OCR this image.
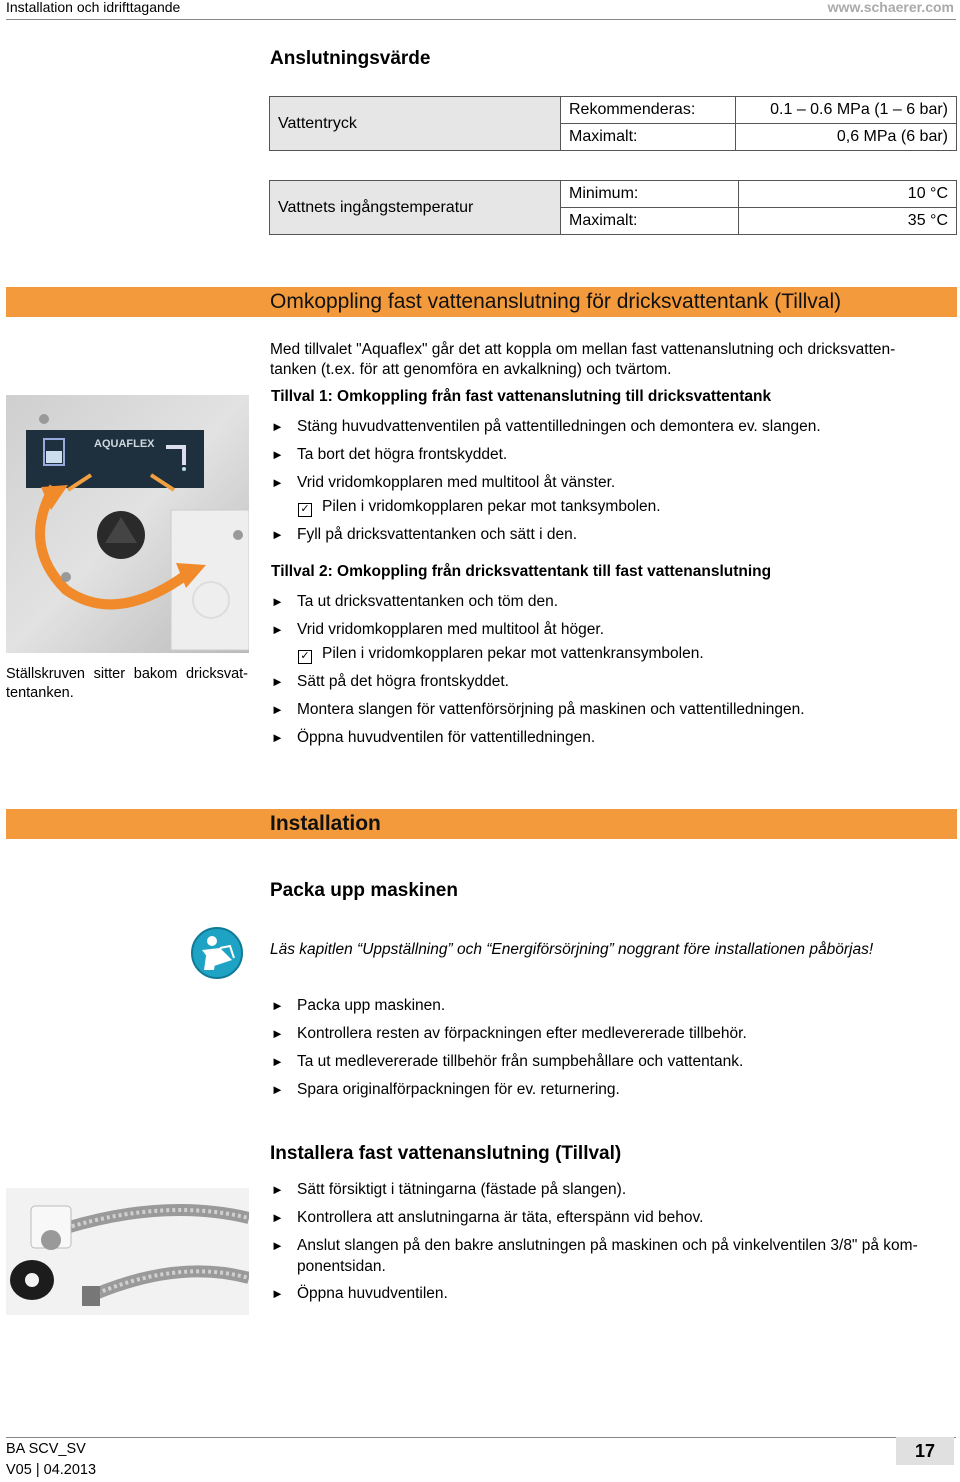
Installation och idrifttagande	www.schaerer.com
Anslutningsvärde
Vattentryck	Rekommenderas:	0.1 – 0.6 MPa (1 – 6 bar)
	Maximalt:	0,6 MPa (6 bar)
Vattnets ingångstemperatur	Minimum:	10 °C
	Maximalt:	35 °C
Omkoppling fast vattenanslutning för dricksvattentank (Tillval)
Med tillvalet "Aquaflex" går det att koppla om mellan fast vattenanslutning och dricksvatten-
tanken (t.ex. för att genomföra en avkalkning) och tvärtom.
AQUAFLEX
Ställskruven sitter bakom dricksvat-tentanken.
Tillval 1: Omkoppling från fast vattenanslutning till dricksvattentank
► Stäng huvudvattenventilen på vattentilledningen och demontera ev. slangen.
► Ta bort det högra frontskyddet.
► Vrid vridomkopplaren med multitool åt vänster.
✓ Pilen i vridomkopplaren pekar mot tanksymbolen.
► Fyll på dricksvattentanken och sätt i den.
Tillval 2: Omkoppling från dricksvattentank till fast vattenanslutning
► Ta ut dricksvattentanken och töm den.
► Vrid vridomkopplaren med multitool åt höger.
✓ Pilen i vridomkopplaren pekar mot vattenkransymbolen.
► Sätt på det högra frontskyddet.
► Montera slangen för vattenförsörjning på maskinen och vattentilledningen.
► Öppna huvudventilen för vattentilledningen.
Installation
Packa upp maskinen
Läs kapitlen “Uppställning” och “Energiförsörjning” noggrant före installationen påbörjas!
► Packa upp maskinen.
► Kontrollera resten av förpackningen efter medlevererade tillbehör.
► Ta ut medlevererade tillbehör från sumpbehållare och vattentank.
► Spara originalförpackningen för ev. returnering.
Installera fast vattenanslutning (Tillval)
► Sätt försiktigt i tätningarna (fästade på slangen).
► Kontrollera att anslutningarna är täta, efterspänn vid behov.
► Anslut slangen på den bakre anslutningen på maskinen och på vinkelventilen 3/8" på kom-
ponentsidan.
► Öppna huvudventilen.
BA SCV_SV
V05 | 04.2013
17
